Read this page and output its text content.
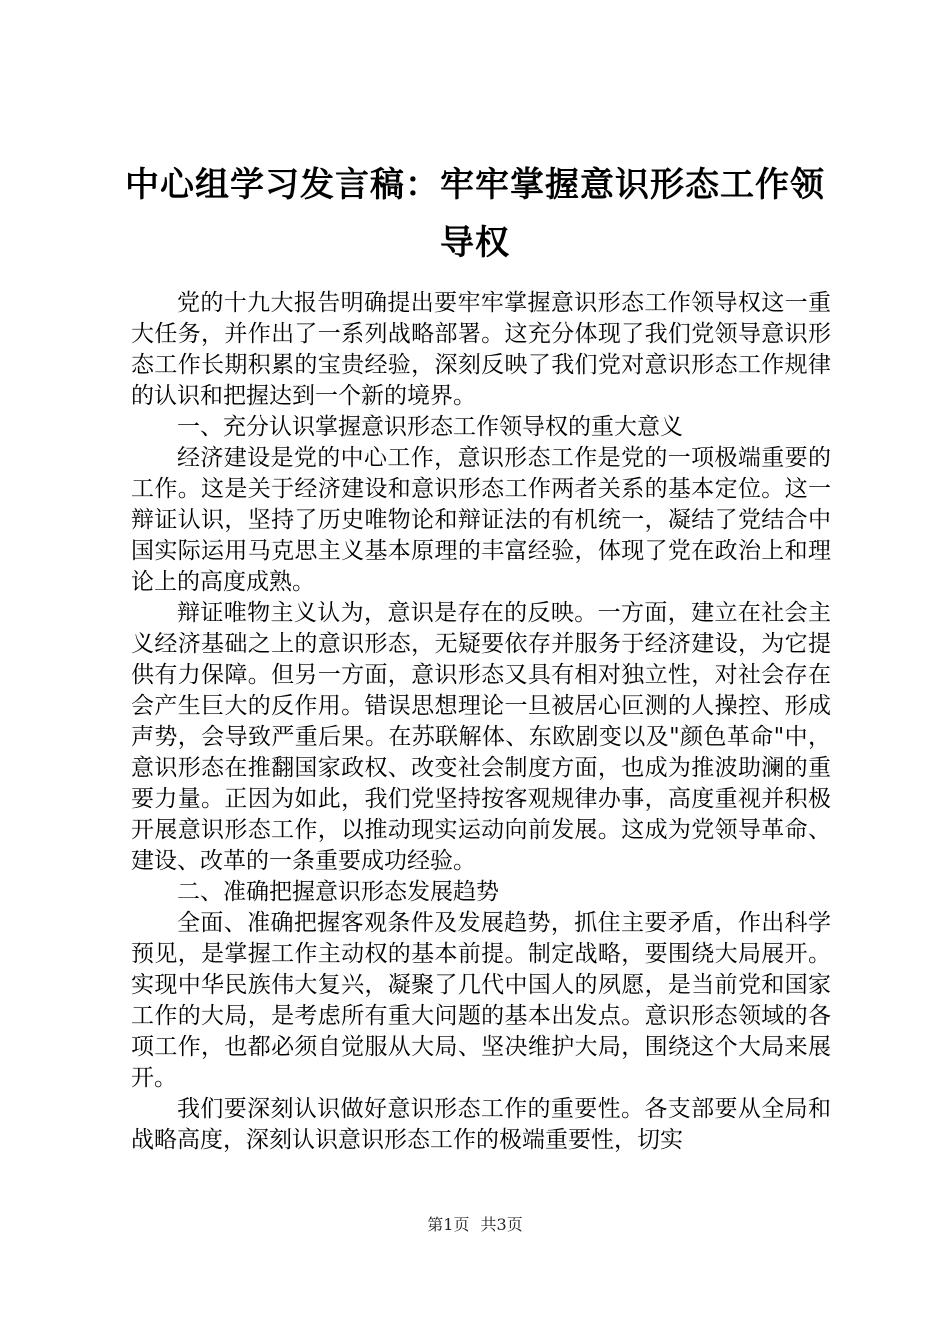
中心组学习发言稿：牢牢掌握意识形态工作领导权

党的十九大报告明确提出要牢牢掌握意识形态工作领导权这一重大任务，并作出了一系列战略部署。这充分体现了我们党领导意识形态工作长期积累的宝贵经验，深刻反映了我们党对意识形态工作规律的认识和把握达到一个新的境界。

一、充分认识掌握意识形态工作领导权的重大意义

经济建设是党的中心工作，意识形态工作是党的一项极端重要的工作。这是关于经济建设和意识形态工作两者关系的基本定位。这一辩证认识，坚持了历史唯物论和辩证法的有机统一，凝结了党结合中国实际运用马克思主义基本原理的丰富经验，体现了党在政治上和理论上的高度成熟。

辩证唯物主义认为，意识是存在的反映。一方面，建立在社会主义经济基础之上的意识形态，无疑要依存并服务于经济建设，为它提供有力保障。但另一方面，意识形态又具有相对独立性，对社会存在会产生巨大的反作用。错误思想理论一旦被居心叵测的人操控、形成声势，会导致严重后果。在苏联解体、东欧剧变以及"颜色革命"中，意识形态在推翻国家政权、改变社会制度方面，也成为推波助澜的重要力量。正因为如此，我们党坚持按客观规律办事，高度重视并积极开展意识形态工作，以推动现实运动向前发展。这成为党领导革命、建设、改革的一条重要成功经验。

二、准确把握意识形态发展趋势

全面、准确把握客观条件及发展趋势，抓住主要矛盾，作出科学预见，是掌握工作主动权的基本前提。制定战略，要围绕大局展开。实现中华民族伟大复兴，凝聚了几代中国人的夙愿，是当前党和国家工作的大局，是考虑所有重大问题的基本出发点。意识形态领域的各项工作，也都必须自觉服从大局、坚决维护大局，围绕这个大局来展开。

我们要深刻认识做好意识形态工作的重要性。各支部要从全局和战略高度，深刻认识意识形态工作的极端重要性，切实

第1页 共3页
